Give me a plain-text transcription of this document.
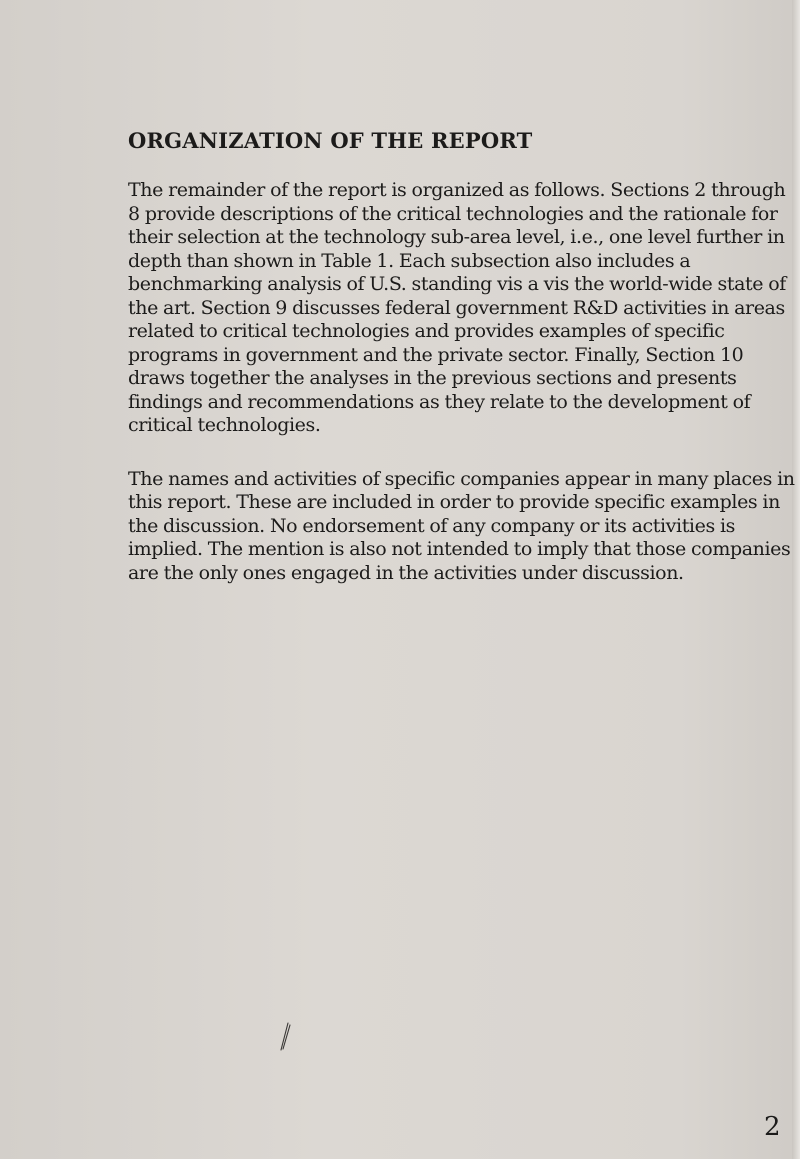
ORGANIZATION OF THE REPORT

The remainder of the report is organized as follows. Sections 2 through 8 provide descriptions of the critical technologies and the rationale for their selection at the technology sub-area level, i.e., one level further in depth than shown in Table 1. Each subsection also includes a benchmarking analysis of U.S. standing vis a vis the world-wide state of the art. Section 9 discusses federal government R&D activities in areas related to critical technologies and provides examples of specific programs in government and the private sector. Finally, Section 10 draws together the analyses in the previous sections and presents findings and recommendations as they relate to the development of critical technologies.

The names and activities of specific companies appear in many places in this report. These are included in order to provide specific examples in the discussion. No endorsement of any company or its activities is implied. The mention is also not intended to imply that those companies are the only ones engaged in the activities under discussion.

2
